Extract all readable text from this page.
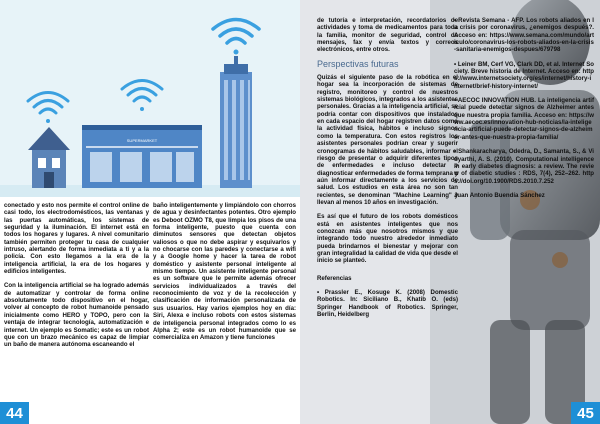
SUPERMARKET

conectado y esto nos permite el control online de casi todo, los electrodomésticos, las ventanas y las puertas automáticas, los sistemas de seguridad y la iluminación. El internet está en todos los hogares y lugares. A nivel comunitario también permiten proteger tu casa de cualquier intruso, alertando de forma inmediata a ti y a la policía. Con esto llegamos a la era de la inteligencia artificial, la era de los hogares y edificios inteligentes.

Con la inteligencia artificial se ha logrado además de automatizar y controlar de forma online absolutamente todo dispositivo en el hogar, volver al concepto de robot humanoide pensado inicialmente como HERO y TOPO, pero con la ventaja de integrar tecnología, automatización e internet. Un ejemplo es Somatic; este es un robot que con un brazo mecánico es capaz de limpiar un baño de manera autónoma escaneando el

baño inteligentemente y limpiándolo con chorros de agua y desinfectantes potentes. Otro ejemplo es Deboot OZMO T8, que limpia los pisos de una forma inteligente, puesto que cuenta con diminutos sensores que detectan objetos valiosos o que no debe aspirar y esquivarlos y no chocarse con las paredes y conectarse a wifi y a Google home y hacer la tarea de robot doméstico y asistente personal inteligente al mismo tiempo. Un asistente inteligente personal es un software que le permite además ofrecer servicios individualizados a través del reconocimiento de voz y de la recolección y clasificación de información personalizada de sus usuarios. Hay varios ejemplos hoy en día: Siri, Alexa e incluso robots con estos sistemas de inteligencia personal integrados como lo es Alpha 2; este es un robot humanoide que se comercializa en Amazon y tiene funciones

44

de tutoría e interpretación, recordatorios de actividades y toma de medicamentos para toda la familia, monitor de seguridad, control de mensajes, fax y envía textos y correos electrónicos, entre otros.

Perspectivas futuras

Quizás el siguiente paso de la robótica en el hogar sea la incorporación de sistemas de registro, monitoreo y control de nuestros sistemas biológicos, integrados a los asistentes personales. Gracias a la inteligencia artificial, se podría contar con dispositivos que instalados en cada espacio del hogar registren datos como la actividad física, hábitos e incluso signos como la temperatura. Con estos registros los asistentes personales podrían crear y sugerir cronogramas de hábitos saludables, informar el riesgo de presentar o adquirir diferentes tipos de enfermedades e incluso detectar o diagnosticar enfermedades de forma temprana y aún informar directamente a los servicios de salud. Los estudios en esta área no son tan recientes, se denominan "Machine Learning" y llevan al menos 10 años en investigación.

Es así que el futuro de los robots domésticos está en asistentes inteligentes que nos conozcan más que nosotros mismos y que integrando todo nuestro alrededor inmediato pueda brindarnos el bienestar y mejorar con gran integralidad la calidad de vida que desde el inicio se planteó.

Referencias

• Prassler E., Kosuge K. (2008) Domestic Robotics. In: Siciliano B., Khatib O. (eds) Springer Handbook of Robotics. Springer, Berlin, Heidelberg

• Revista Semana - AFP. Los robots aliados en la crisis por coronavirus, ¿enemigos después?. Acceso en: https://www.semana.com/mundo/articulo/coronavirus-los-robots-aliados-en-la-crisis-sanitaria-enemigos-despues/679798

• Leiner BM, Cerf VG, Clark DD, et al. Internet Society. Breve historia de Internet. Acceso en: https://www.internetsociety.org/es/internet/history-internet/brief-history-internet/

• AECOC INNOVATION HUB. La inteligencia artificial puede detectar signos de Alzheimer antes que nuestra propia familia. Acceso en: https://www.aecoc.es/innovation-hub-noticias/la-inteligencia-artificial-puede-detectar-signos-de-alzheimer-antes-que-nuestra-propia-familia/

• Shankaracharya, Odedra, D., Samanta, S., & Vidyarthi, A. S. (2010). Computational intelligence in early diabetes diagnosis: a review. The review of diabetic studies : RDS, 7(4), 252–262. https://doi.org/10.1900/RDS.2010.7.252

Juan Antonio Buendía Sánchez

45
